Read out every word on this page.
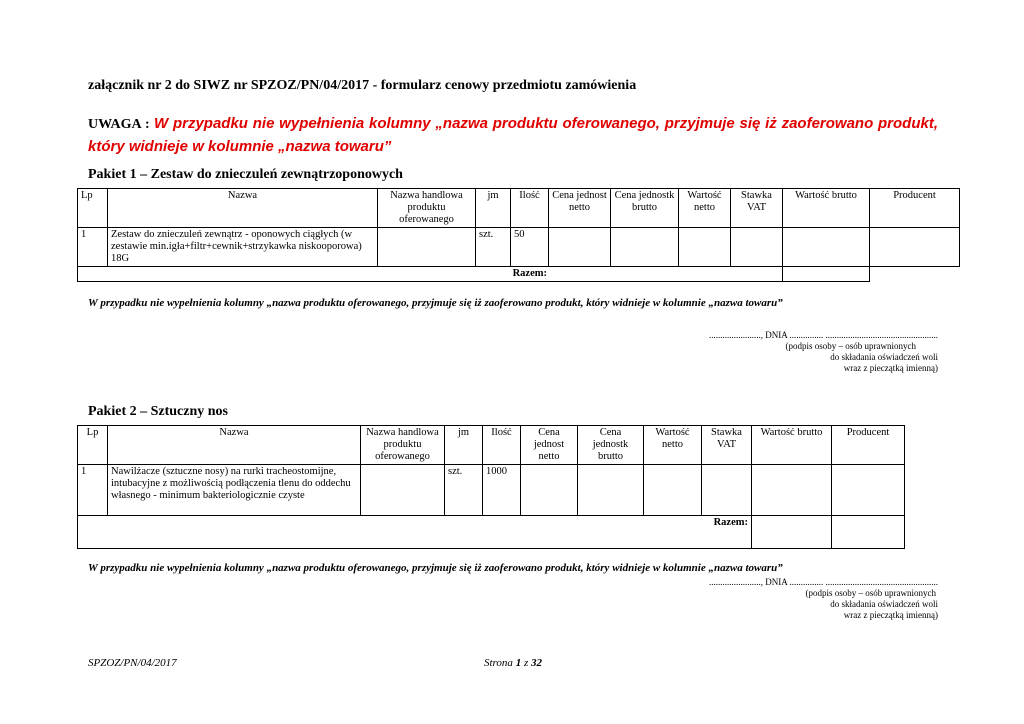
załącznik nr 2 do SIWZ nr SPZOZ/PN/04/2017 - formularz cenowy przedmiotu zamówienia
UWAGA : W przypadku nie wypełnienia kolumny „nazwa produktu oferowanego, przyjmuje się iż zaoferowano produkt, który widnieje w kolumnie „nazwa towaru”
Pakiet 1 – Zestaw do znieczuleń zewnątrzoponowych
Lp	Nazwa	Nazwa handlowa produktu oferowanego	jm	Ilość	Cena jednost netto	Cena jednostk brutto	Wartość netto	Stawka VAT	Wartość brutto	Producent
1	Zestaw do znieczuleń zewnątrz - oponowych ciągłych (w zestawie min.igła+filtr+cewnik+strzykawka niskooporowa) 18G		szt.	50						
Razem:										
W przypadku nie wypełnienia kolumny „nazwa produktu oferowanego, przyjmuje się iż zaoferowano produkt, który widnieje w kolumnie „nazwa towaru”
......................., DNIA ............... ..................................................
(podpis osoby – osób uprawnionych
do składania oświadczeń woli
wraz z pieczątką imienną)
Pakiet 2 – Sztuczny nos
Lp	Nazwa	Nazwa handlowa produktu oferowanego	jm	Ilość	Cena jednost netto	Cena jednostk brutto	Wartość netto	Stawka VAT	Wartość brutto	Producent
1	Nawilżacze (sztuczne nosy) na rurki tracheostomijne, intubacyjne z możliwością podłączenia tlenu do oddechu własnego - minimum bakteriologicznie czyste		szt.	1000						
Razem:										
W przypadku nie wypełnienia kolumny „nazwa produktu oferowanego, przyjmuje się iż zaoferowano produkt, który widnieje w kolumnie „nazwa towaru”
......................., DNIA ............... ..................................................
(podpis osoby – osób uprawnionych
do składania oświadczeń woli
wraz z pieczątką imienną)
SPZOZ/PN/04/2017	Strona 1 z 32
